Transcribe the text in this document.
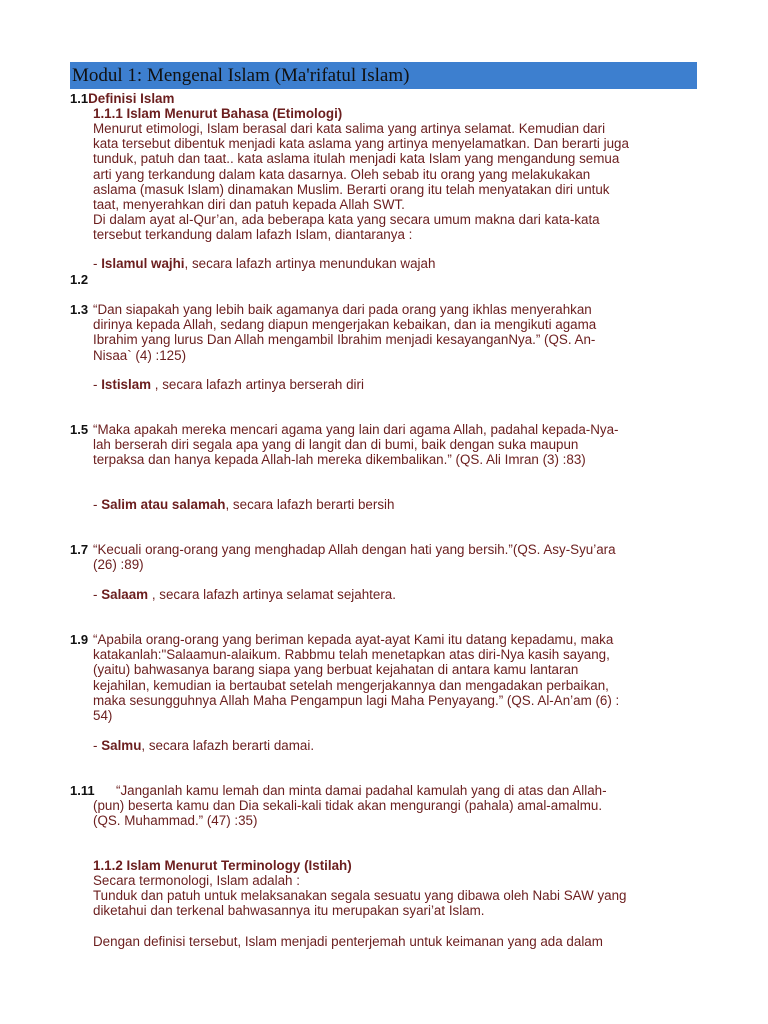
Modul 1: Mengenal Islam (Ma'rifatul Islam)
1.1Definisi Islam
1.1.1 Islam Menurut Bahasa (Etimologi)
Menurut etimologi, Islam berasal dari kata salima yang artinya selamat. Kemudian dari
kata tersebut dibentuk menjadi kata aslama yang artinya menyelamatkan. Dan berarti juga
tunduk, patuh dan taat.. kata aslama itulah menjadi kata Islam yang mengandung semua
arti yang terkandung dalam kata dasarnya. Oleh sebab itu orang yang melakukakan
aslama (masuk Islam) dinamakan Muslim. Berarti orang itu telah menyatakan diri untuk
taat, menyerahkan diri dan patuh kepada Allah SWT.
Di dalam ayat al-Qur’an, ada beberapa kata yang secara umum makna dari kata-kata
tersebut terkandung dalam lafazh Islam, diantaranya :
- Islamul wajhi, secara lafazh artinya menundukan wajah
1.2
1.3 “Dan siapakah yang lebih baik agamanya dari pada orang yang ikhlas menyerahkan
dirinya kepada Allah, sedang diapun mengerjakan kebaikan, dan ia mengikuti agama
Ibrahim yang lurus Dan Allah mengambil Ibrahim menjadi kesayanganNya.” (QS. An-
Nisaa` (4) :125)
- Istislam , secara lafazh artinya berserah diri
1.5 “Maka apakah mereka mencari agama yang lain dari agama Allah, padahal kepada-Nya-
lah berserah diri segala apa yang di langit dan di bumi, baik dengan suka maupun
terpaksa dan hanya kepada Allah-lah mereka dikembalikan.” (QS. Ali Imran (3) :83)
- Salim atau salamah, secara lafazh berarti bersih
1.7 “Kecuali orang-orang yang menghadap Allah dengan hati yang bersih.”(QS. Asy-Syu’ara
(26) :89)
- Salaam , secara lafazh artinya selamat sejahtera.
1.9 “Apabila orang-orang yang beriman kepada ayat-ayat Kami itu datang kepadamu, maka
katakanlah:"Salaamun-alaikum. Rabbmu telah menetapkan atas diri-Nya kasih sayang,
(yaitu) bahwasanya barang siapa yang berbuat kejahatan di antara kamu lantaran
kejahilan, kemudian ia bertaubat setelah mengerjakannya dan mengadakan perbaikan,
maka sesungguhnya Allah Maha Pengampun lagi Maha Penyayang.” (QS. Al-An’am (6) :
54)
- Salmu, secara lafazh berarti damai.
1.11	“Janganlah kamu lemah dan minta damai padahal kamulah yang di atas dan Allah-
(pun) beserta kamu dan Dia sekali-kali tidak akan mengurangi (pahala) amal-amalmu.
(QS. Muhammad.” (47) :35)
1.1.2 Islam Menurut Terminology (Istilah)
Secara termonologi, Islam adalah :
Tunduk dan patuh untuk melaksanakan segala sesuatu yang dibawa oleh Nabi SAW yang
diketahui dan terkenal bahwasannya itu merupakan syari’at Islam.
Dengan definisi tersebut, Islam menjadi penterjemah untuk keimanan yang ada dalam
